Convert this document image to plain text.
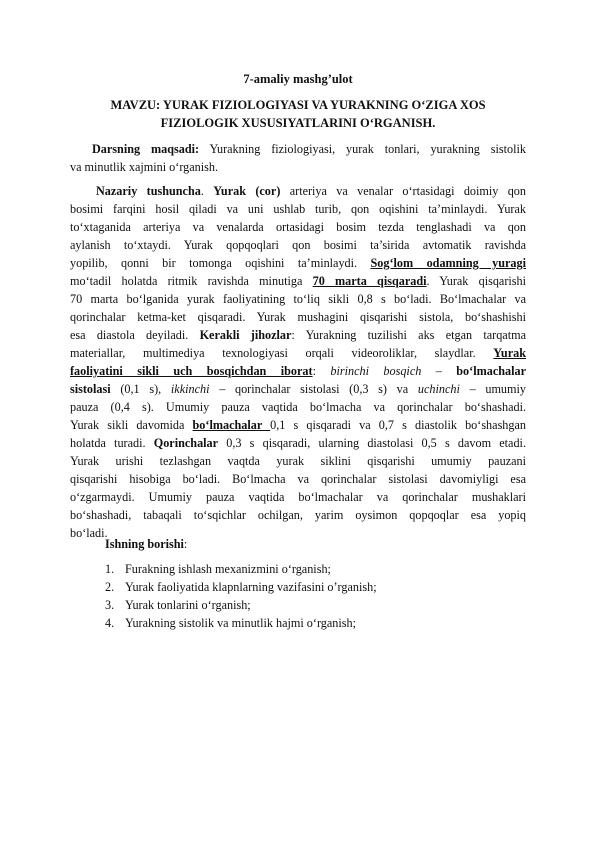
7-amaliy mashg’ulot
MAVZU: YURAK FIZIOLOGIYASI VA YURAKNING O‘ZIGA XOS
FIZIOLOGIK XUSUSIYATLARINI O‘RGANISH.
Darsning maqsadi: Yurakning fiziologiyasi, yurak tonlari, yurakning sistolik
va minutlik xajmini o‘rganish.
Nazariy tushuncha. Yurak (cor) arteriya va venalar o‘rtasidagi doimiy qon
bosimi farqini hosil qiladi va uni ushlab turib, qon oqishini ta’minlaydi. Yurak
to‘xtaganida arteriya va venalarda ortasidagi bosim tezda tenglashadi va qon
aylanish to‘xtaydi. Yurak qopqoqlari qon bosimi ta’sirida avtomatik ravishda
yopilib, qonni bir tomonga oqishini ta’minlaydi. Sog‘lom odamning yuragi
mo‘tadil holatda ritmik ravishda minutiga 70 marta qisqaradi. Yurak qisqarishi
70 marta bo‘lganida yurak faoliyatining to‘liq sikli 0,8 s bo‘ladi. Bo‘lmachalar va
qorinchalar ketma-ket qisqaradi. Yurak mushagini qisqarishi sistola, bo‘shashishi
esa diastola deyiladi. Kerakli jihozlar: Yurakning tuzilishi aks etgan tarqatma
materiallar, multimediya texnologiyasi orqali videoroliklar, slaydlar. Yurak
faoliyatini sikli uch bosqichdan iborat: birinchi bosqich – bo‘lmachalar
sistolasi (0,1 s), ikkinchi – qorinchalar sistolasi (0,3 s) va uchinchi – umumiy
pauza (0,4 s). Umumiy pauza vaqtida bo‘lmacha va qorinchalar bo‘shashadi.
Yurak sikli davomida bo‘lmachalar 0,1 s qisqaradi va 0,7 s diastolik bo‘shashgan
holatda turadi. Qorinchalar 0,3 s qisqaradi, ularning diastolasi 0,5 s davom etadi.
Yurak urishi tezlashgan vaqtda yurak siklini qisqarishi umumiy pauzani
qisqarishi hisobiga bo‘ladi. Bo‘lmacha va qorinchalar sistolasi davomiyligi esa
o‘zgarmaydi. Umumiy pauza vaqtida bo‘lmachalar va qorinchalar mushaklari
bo‘shashadi, tabaqali to‘sqichlar ochilgan, yarim oysimon qopqoqlar esa yopiq
bo‘ladi.
Ishning borishi:
1. Furakning ishlash mexanizmini o‘rganish;
2. Yurak faoliyatida klapnlarning vazifasini o’rganish;
3. Yurak tonlarini o‘rganish;
4. Yurakning sistolik va minutlik hajmi o‘rganish;
